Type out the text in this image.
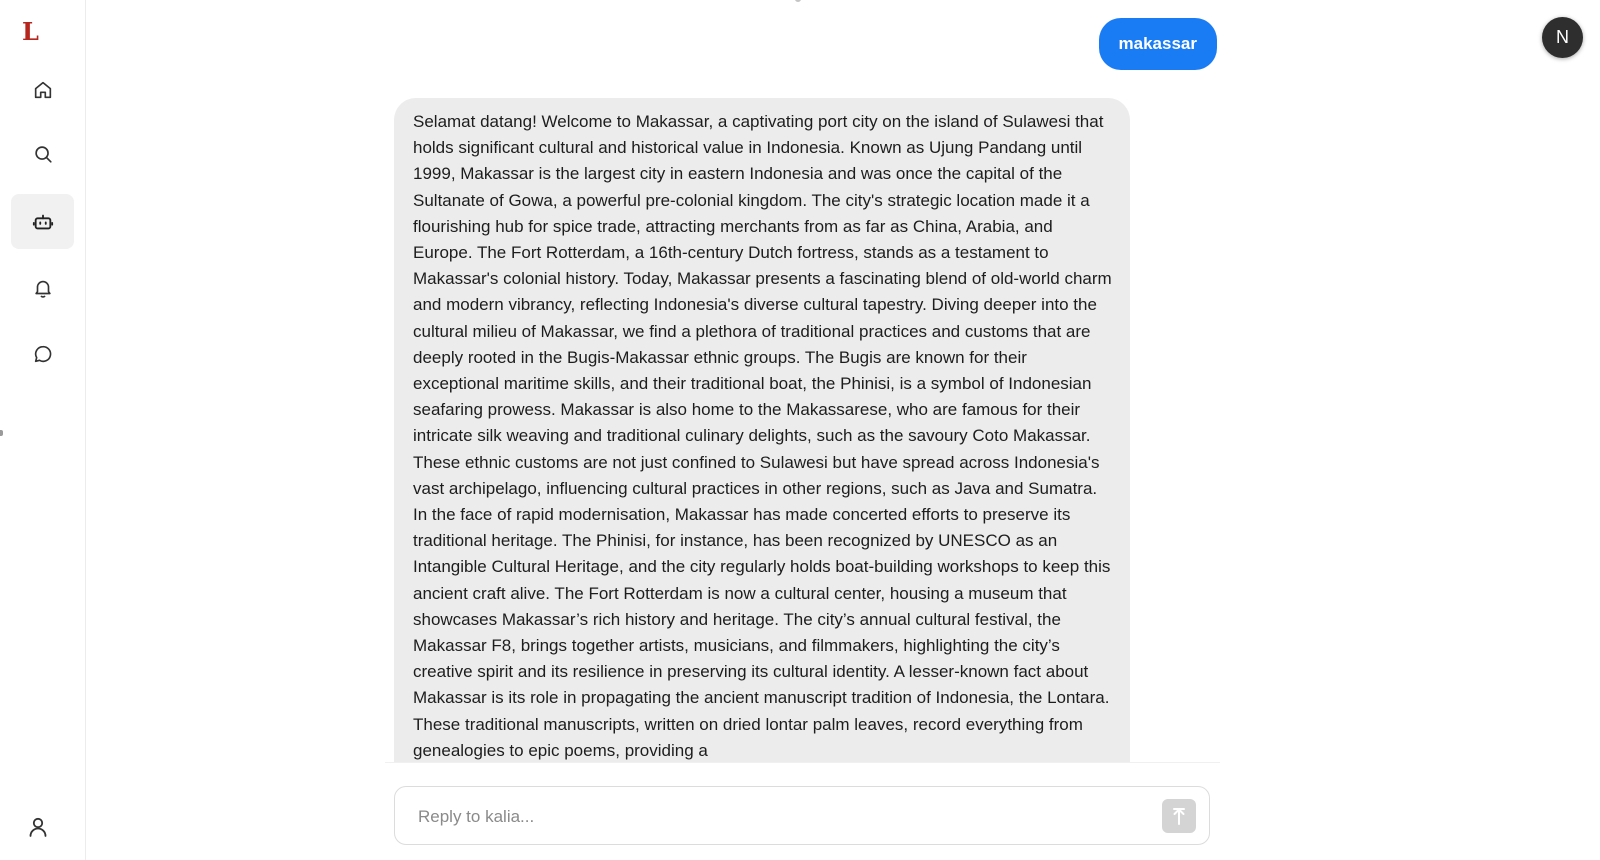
L	makassar
Selamat datang! Welcome to Makassar, a captivating port city on the island of Sulawesi that holds significant cultural and historical value in Indonesia. Known as Ujung Pandang until 1999, Makassar is the largest city in eastern Indonesia and was once the capital of the Sultanate of Gowa, a powerful pre-colonial kingdom. The city's strategic location made it a flourishing hub for spice trade, attracting merchants from as far as China, Arabia, and Europe. The Fort Rotterdam, a 16th-century Dutch fortress, stands as a testament to Makassar's colonial history. Today, Makassar presents a fascinating blend of old-world charm and modern vibrancy, reflecting Indonesia's diverse cultural tapestry. Diving deeper into the cultural milieu of Makassar, we find a plethora of traditional practices and customs that are deeply rooted in the Bugis-Makassar ethnic groups. The Bugis are known for their exceptional maritime skills, and their traditional boat, the Phinisi, is a symbol of Indonesian seafaring prowess. Makassar is also home to the Makassarese, who are famous for their intricate silk weaving and traditional culinary delights, such as the savoury Coto Makassar. These ethnic customs are not just confined to Sulawesi but have spread across Indonesia's vast archipelago, influencing cultural practices in other regions, such as Java and Sumatra. In the face of rapid modernisation, Makassar has made concerted efforts to preserve its traditional heritage. The Phinisi, for instance, has been recognized by UNESCO as an Intangible Cultural Heritage, and the city regularly holds boat-building workshops to keep this ancient craft alive. The Fort Rotterdam is now a cultural center, housing a museum that showcases Makassar’s rich history and heritage. The city’s annual cultural festival, the Makassar F8, brings together artists, musicians, and filmmakers, highlighting the city’s creative spirit and its resilience in preserving its cultural identity. A lesser-known fact about Makassar is its role in propagating the ancient manuscript tradition of Indonesia, the Lontara. These traditional manuscripts, written on dried lontar palm leaves, record everything from genealogies to epic poems, providing a
N
Reply to kalia...
